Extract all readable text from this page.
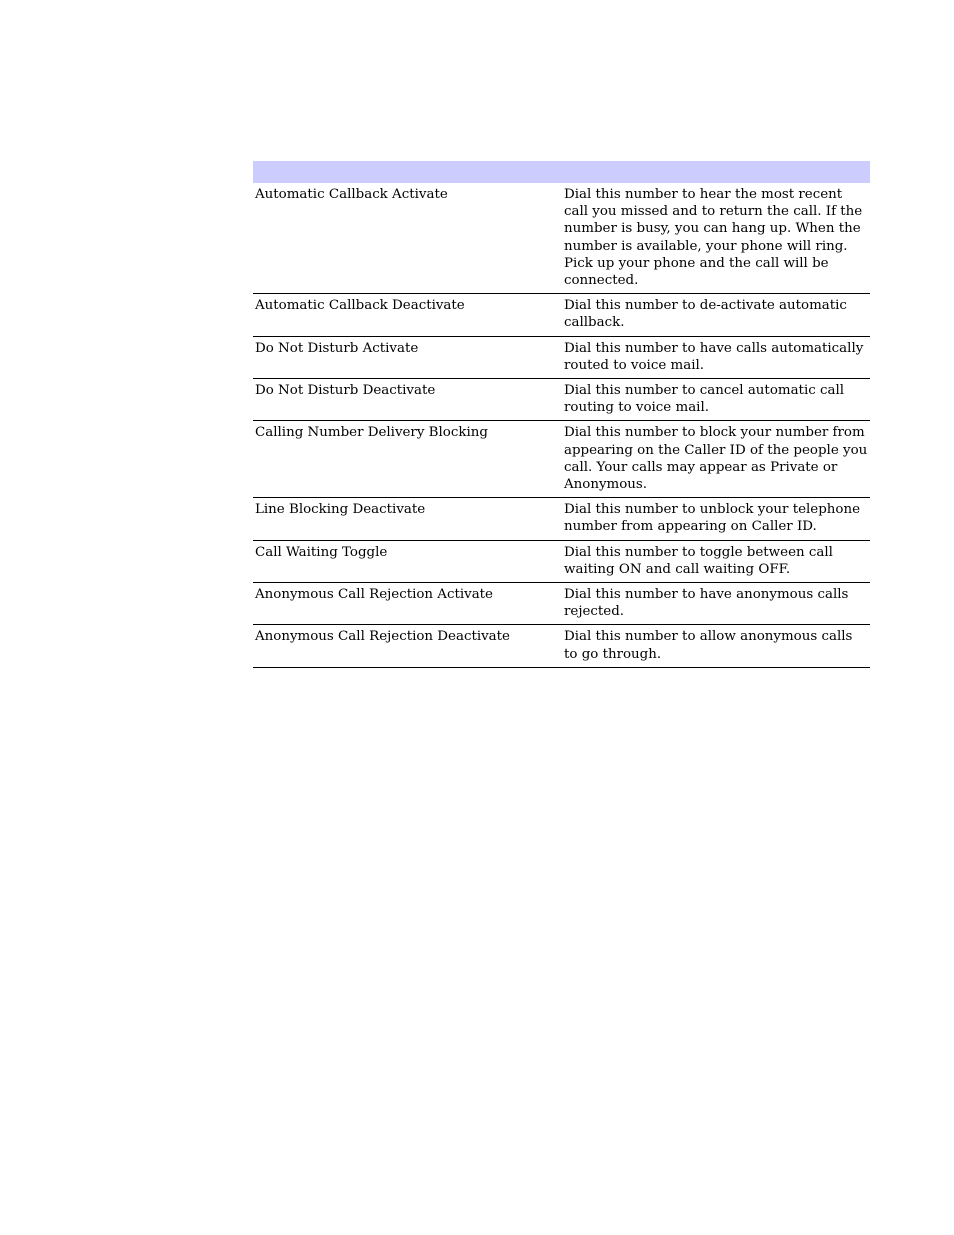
Automatic Callback Activate	Dial this number to hear the most recent call you missed and to return the call. If the number is busy, you can hang up. When the number is available, your phone will ring. Pick up your phone and the call will be connected.
Automatic Callback Deactivate	Dial this number to de-activate automatic callback.
Do Not Disturb Activate	Dial this number to have calls automatically routed to voice mail.
Do Not Disturb Deactivate	Dial this number to cancel automatic call routing to voice mail.
Calling Number Delivery Blocking	Dial this number to block your number from appearing on the Caller ID of the people you call. Your calls may appear as Private or Anonymous.
Line Blocking Deactivate	Dial this number to unblock your telephone number from appearing on Caller ID.
Call Waiting Toggle	Dial this number to toggle between call waiting ON and call waiting OFF.
Anonymous Call Rejection Activate	Dial this number to have anonymous calls rejected.
Anonymous Call Rejection Deactivate	Dial this number to allow anonymous calls to go through.
